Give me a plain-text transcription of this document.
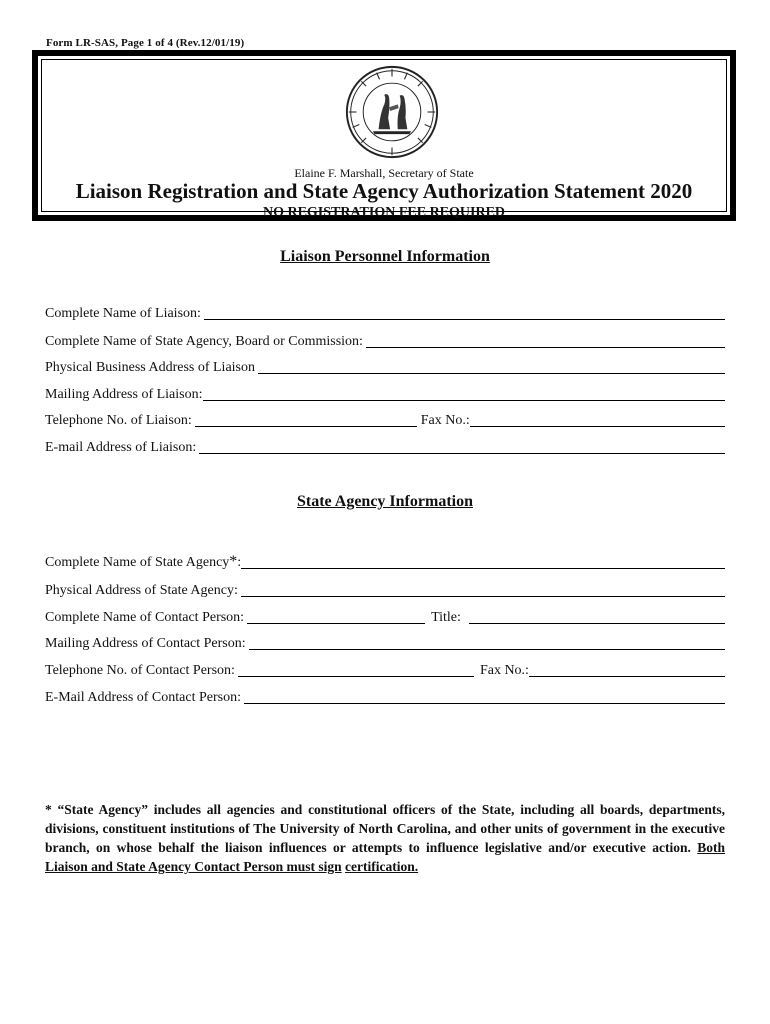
Form LR-SAS, Page 1 of 4 (Rev.12/01/19)
Elaine F. Marshall, Secretary of State
Liaison Registration and State Agency Authorization Statement 2020
NO REGISTRATION FEE REQUIRED
Liaison Personnel Information
Complete Name of Liaison:
Complete Name of State Agency, Board or Commission:
Physical Business Address of Liaison
Mailing Address of Liaison:
Telephone No. of Liaison:	Fax No.:
E-mail Address of Liaison:
State Agency Information
Complete Name of State Agency * :
Physical Address of State Agency:
Complete Name of Contact Person:	Title:
Mailing Address of Contact Person:
Telephone No. of Contact Person:	Fax No.:
E-Mail Address of Contact Person:
* “State Agency” includes all agencies and constitutional officers of the State, including all boards, departments, divisions, constituent institutions of The University of North Carolina, and other units of government in the executive branch, on whose behalf the liaison influences or attempts to influence legislative and/or executive action. Both Liaison and State Agency Contact Person must sign certification.
